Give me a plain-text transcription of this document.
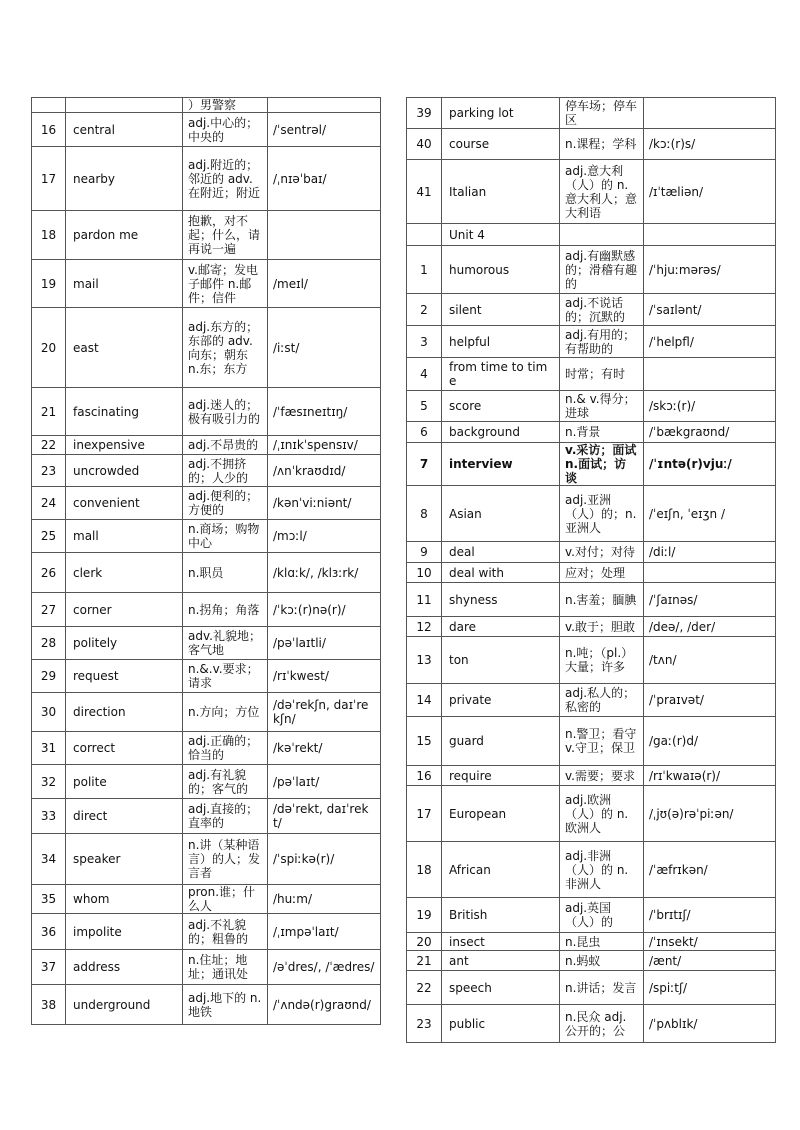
		）男警察	
16	central	adj.中心的；中央的	/ˈsentrəl/
17	nearby	adj.附近的；邻近的 adv.在附近；附近	/ˌnɪəˈbaɪ/
18	pardon me	抱歉，对不起；什么，请再说一遍	
19	mail	v.邮寄；发电子邮件 n.邮件；信件	/meɪl/
20	east	adj.东方的；东部的 adv.向东；朝东 n.东；东方	/iːst/
21	fascinating	adj.迷人的；极有吸引力的	/ˈfæsɪneɪtɪŋ/
22	inexpensive	adj.不昂贵的	/ˌɪnɪkˈspensɪv/
23	uncrowded	adj.不拥挤的；人少的	/ʌnˈkraʊdɪd/
24	convenient	adj.便利的；方便的	/kənˈviːniənt/
25	mall	n.商场；购物中心	/mɔːl/
26	clerk	n.职员	/klɑːk/, /klɜːrk/
27	corner	n.拐角；角落	/ˈkɔː(r)nə(r)/
28	politely	adv.礼貌地；客气地	/pəˈlaɪtli/
29	request	n.&.v.要求；请求	/rɪˈkwest/
30	direction	n.方向；方位	/dəˈrekʃn, daɪˈrekʃn/
31	correct	adj.正确的；恰当的	/kəˈrekt/
32	polite	adj.有礼貌的；客气的	/pəˈlaɪt/
33	direct	adj.直接的；直率的	/dəˈrekt, daɪˈrekt/
34	speaker	n.讲（某种语言）的人；发言者	/ˈspiːkə(r)/
35	whom	pron.谁；什么人	/huːm/
36	impolite	adj.不礼貌的；粗鲁的	/ˌɪmpəˈlaɪt/
37	address	n.住址；地址；通讯处	/əˈdres/, /ˈædres/
38	underground	adj.地下的 n.地铁	/ˈʌndə(r)graʊnd/
39	parking lot	停车场；停车区	
40	course	n.课程；学科	/kɔː(r)s/
41	Italian	adj.意大利（人）的 n.意大利人；意大利语	/ɪˈtæliən/
	Unit 4		
1	humorous	adj.有幽默感的；滑稽有趣的	/ˈhjuːmərəs/
2	silent	adj.不说话的；沉默的	/ˈsaɪlənt/
3	helpful	adj.有用的；有帮助的	/ˈhelpfl/
4	from time to time	时常；有时	
5	score	n.& v.得分；进球	/skɔː(r)/
6	background	n.背景	/ˈbækgraʊnd/
7	interview	v.采访；面试 n.面试；访谈	/ˈɪntə(r)vjuː/
8	Asian	adj.亚洲（人）的；n.亚洲人	/ˈeɪʃn, ˈeɪʒn /
9	deal	v.对付；对待	/diːl/
10	deal with	应对；处理	
11	shyness	n.害羞；腼腆	/ˈʃaɪnəs/
12	dare	v.敢于；胆敢	/deə/, /der/
13	ton	n.吨；（pl.）大量；许多	/tʌn/
14	private	adj.私人的；私密的	/ˈpraɪvət/
15	guard	n.警卫；看守 v.守卫；保卫	/gaː(r)d/
16	require	v.需要；要求	/rɪˈkwaɪə(r)/
17	European	adj.欧洲（人）的 n.欧洲人	/ˌjʊ(ə)rəˈpiːən/
18	African	adj.非洲（人）的 n.非洲人	/ˈæfrɪkən/
19	British	adj.英国（人）的	/ˈbrɪtɪʃ/
20	insect	n.昆虫	/ˈɪnsekt/
21	ant	n.蚂蚁	/ænt/
22	speech	n.讲话；发言	/spiːtʃ/
23	public	n.民众 adj.公开的；公	/ˈpʌblɪk/
